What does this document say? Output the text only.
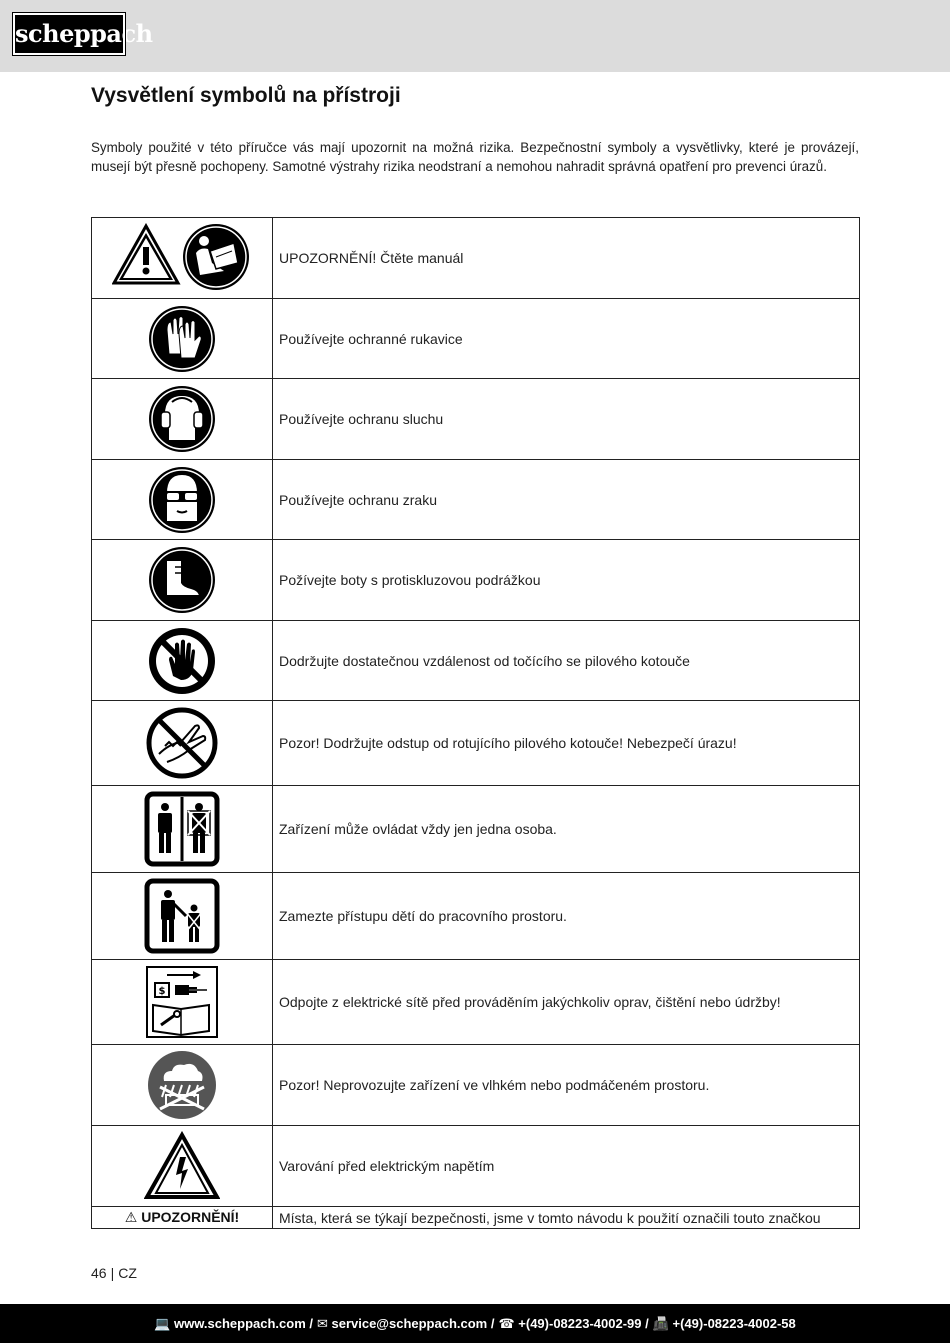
scheppach
Vysvětlení symbolů na přístroji

Symboly použité v této příručce vás mají upozornit na možná rizika. Bezpečnostní symboly a vysvětlivky, které je provázejí, musejí být přesně pochopeny. Samotné výstrahy rizika neodstraní a nemohou nahradit správná opatření pro prevenci úrazů.

	UPOZORNĚNÍ! Čtěte manuál
	Používejte ochranné rukavice
	Používejte ochranu sluchu
	Používejte ochranu zraku
	Požívejte boty s protiskluzovou podrážkou
	Dodržujte dostatečnou vzdálenost od točícího se pilového kotouče
	Pozor! Dodržujte odstup od rotujícího pilového kotouče! Nebezpečí úrazu!
	Zařízení může ovládat vždy jen jedna osoba.
	Zamezte přístupu dětí do pracovního prostoru.

$	Odpojte z elektrické sítě před prováděním jakýchkoliv oprav, čištění nebo údržby!
	Pozor! Neprovozujte zařízení ve vlhkém nebo podmáčeném prostoru.
	Varování před elektrickým napětím
⚠ UPOZORNĚNÍ!	Místa, která se týkají bezpečnosti, jsme v tomto návodu k použití označili touto značkou
46 | CZ
💻 www.scheppach.com / ✉ service@scheppach.com / ☎ +(49)-08223-4002-99 / 📠 +(49)-08223-4002-58
